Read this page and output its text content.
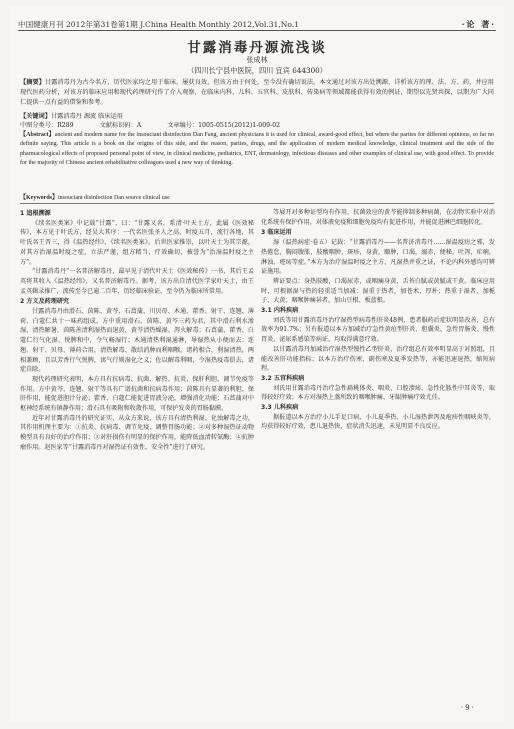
中国健康月刊 2012年第31卷第1期 J.China Health Monthly 2012,Vol.31,No.1	·论 著·
甘露消毒丹源流浅谈
张成林
（四川长宁县中医院，四川 宜宾 644300）
【摘要】甘露消毒丹为古今名方，历代医家均之用于临床，屡获良效，但该方由于何处，至今没有确切说法。本文通过对该方出处溯源，详析该方的理、法、方、药，并应用现代医药分析，对该方的临床应用和现代药理研究作了介入观察，在临床内科、儿科、五官科、皮肤科、传染病等领域都能获得有效的例证，期望以先贤共探，以期为广大同仁提供一点有益的借鉴和参考。
【关键词】甘露消毒丹 源流 临床运用
中图分类号：R289	文献标识码：A	文章编号：1005-0515(2012)1-009-02
【Abstract】ancient and modern name for the insouciant disinfection Dan Fang, ancient physicians it is used for clinical, award-good effect, but where the parties for different opinions, so far no definite saying. This article is a book on the origins of this side, and the reason, parties, drugs, and the application of modern medical knowledge, clinical treatment and the side of the pharmacological effects of proposed personal point of view, in clinical medicine, pediatrics, ENT, dermatology, infectious diseases and other examples of clinical use, with good effect. To provide for the majority of Chinese ancient rehabilitative colleagues used a new way of thinking.
【Keywords】insouciant disinfection Dan source clinical use

1 追根溯源

《续名医类案》中记载“甘露”，曰：“甘露又名，系清·叶天士方，此属《医效秘传》，本方见于叶氏方，经吴大其序：一代名医张圣人之高，时疫五月，流行各地，其叶氏名王晋三，得《温热经纬》、《续名医类案》。后世医家推崇，以叶天士为其宗源，对其方治湿温时疫之症，立法严谨，组方精当，疗效确切，被誉为“治湿温时疫之主方”。

“甘露消毒丹”一名普济解毒丹，最早见于清代叶天士《医效秘传》一书，其后王孟英将其收入《温热经纬》，又名普济解毒丹。据考，该方出自清代医学家叶天士，由王孟英辑录推广，流传至今已逾二百年，历经临床验证，至今仍为临床所常用。

2 方义及药理研究

甘露消毒丹由滑石、茵陈、黄芩、石菖蒲、川贝母、木通、藿香、射干、连翘、薄荷、白蔻仁共十一味药组成。方中重用滑石、茵陈、黄芩三药为君，其中滑石利水渗湿、清热解暑，茵陈善清利湿热而退黄，黄芩清热燥湿、泻火解毒；石菖蒲、藿香、白蔻仁行气化湿、悦脾和中，令气畅湿行；木通清热利湿通淋，导湿热从小便而去；连翘、射干、贝母、薄荷合用，清热解毒、散结消肿而利咽喉。诸药相合，利湿清热，两相兼顾，且以芳香行气悦脾，寓气行则湿化之义；佐以解毒利咽，令湿热疫毒俱去，诸症自除。

现代药理研究表明，本方具有抗病毒、抗菌、解热、抗炎、保肝利胆、调节免疫等作用。方中黄芩、连翘、射干等具有广谱抗菌和抗病毒作用；茵陈具有显著的利胆、保肝作用，能促进胆汁分泌；藿香、白蔻仁能促进胃液分泌，增强消化功能；石菖蒲对中枢神经系统有镇静作用；滑石具有吸附和收敛作用，可保护发炎的胃肠黏膜。

近年对甘露消毒丹的研究证实，从众方来说，该方具有清热利湿、化浊解毒之功，其作用机理主要为：①抗炎、抗病毒、调节免疫、调整胃肠功能；②对多种湿热证动物模型具有良好的治疗作用；③对肝损伤有明显的保护作用，能降低血清转氨酶；④抗肿瘤作用。赵医家等“甘露消毒丹对湿热证有效性、安全性”进行了研究。

等展开对多种证型均有作用，抗菌效应的黄芩能抑制多种病菌，在动物实验中对消化系统有保护作用，对体液免疫和细胞免疫均有促进作用，并能促进淋巴细胞转化。

3 临床运用

湿（温热病症·卷五）记载：“甘露消毒丹——名普济消毒丹……湿温疫疠之邪，发热倦怠，胸闷腹胀，肢酸咽肿，斑疹，身黄，颐肿，口渴，溺赤，便秘，吐泻，疟痢，淋浊，疮疡等症。”本方为治疗湿温时疫之主方，凡湿热并重之证，不论内科外感均可辨证施用。

辨证要点：身热肢酸，口渴尿赤，或咽痛身黄，舌苔白腻或黄腻或干黄。临床应用时，可根据湿与热的轻重适当加减：湿重于热者，加苍术、厚朴；热重于湿者，加栀子、大黄；咽喉肿痛甚者，加山豆根、板蓝根。

3.1 内科疾病

刘氏等用甘露消毒丹治疗湿热型病毒性肝炎48例，患者服药后症状明显改善，总有效率为91.7%；另有报道以本方加减治疗急性黄疸型肝炎、胆囊炎、急性胃肠炎、慢性胃炎、泌尿系感染等病证，均取得满意疗效。

以甘露消毒丹加减治疗湿热型慢性乙型肝炎，治疗组总有效率明显高于对照组，且能改善肝功能指标；以本方治疗伤寒、副伤寒及夏季发热等，亦能迅速退热，缩短病程。

3.2 五官科疾病

刘氏用甘露消毒丹治疗急性扁桃体炎、咽炎、口腔溃疡、急性化脓性中耳炎等，取得较好疗效；本方对湿热上蒸所致的咽喉肿痛、牙龈肿痛疗效尤佳。

3.3 儿科疾病

据报道以本方治疗小儿手足口病、小儿夏季热、小儿湿热泄泻及疱疹性咽峡炎等，均获得较好疗效，患儿退热快，症状消失迅速，未见明显不良反应。

· 9 ·
